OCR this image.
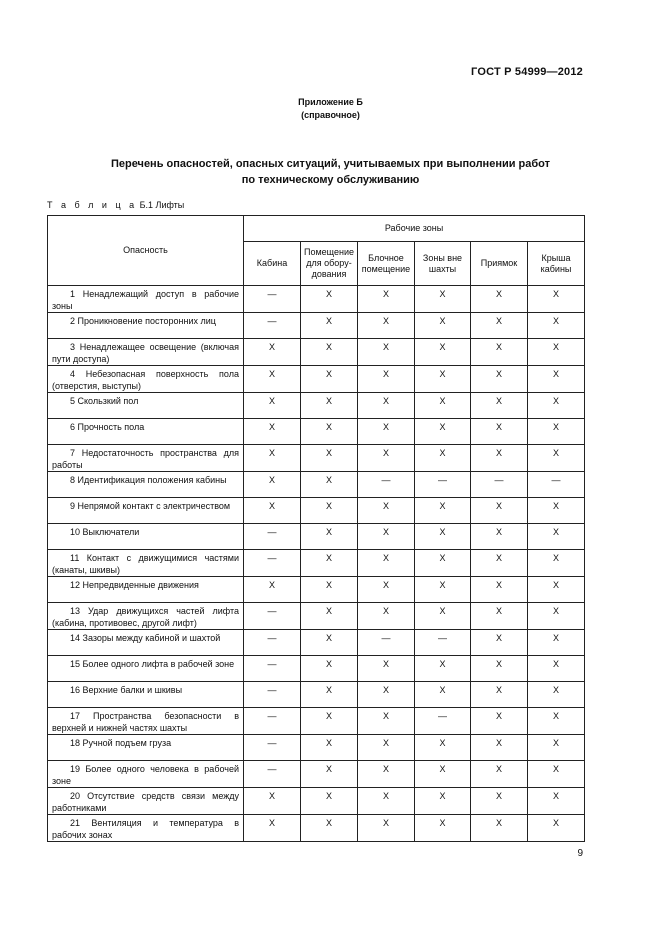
ГОСТ Р 54999—2012
Приложение Б
(справочное)
Перечень опасностей, опасных ситуаций, учитываемых при выполнении работ
по техническому обслуживанию
Т а б л и ц а Б.1 Лифты
Опасность	Рабочие зоны					
	Кабина	Помещение для обору-дования	Блочное помещение	Зоны вне шахты	Приямок	Крыша кабины
1 Ненадлежащий доступ в рабочие зоны	—	X	X	X	X	X
2 Проникновение посторонних лиц	—	X	X	X	X	X
3 Ненадлежащее освещение (включая пути доступа)	X	X	X	X	X	X
4 Небезопасная поверхность пола (отверстия, выступы)	X	X	X	X	X	X
5 Скользкий пол	X	X	X	X	X	X
6 Прочность пола	X	X	X	X	X	X
7 Недостаточность пространства для работы	X	X	X	X	X	X
8 Идентификация положения кабины	X	X	—	—	—	—
9 Непрямой контакт с электричеством	X	X	X	X	X	X
10 Выключатели	—	X	X	X	X	X
11 Контакт с движущимися частями (канаты, шкивы)	—	X	X	X	X	X
12 Непредвиденные движения	X	X	X	X	X	X
13 Удар движущихся частей лифта (кабина, противовес, другой лифт)	—	X	X	X	X	X
14 Зазоры между кабиной и шахтой	—	X	—	—	X	X
15 Более одного лифта в рабочей зоне	—	X	X	X	X	X
16 Верхние балки и шкивы	—	X	X	X	X	X
17 Пространства безопасности в верхней и нижней частях шахты	—	X	X	—	X	X
18 Ручной подъем груза	—	X	X	X	X	X
19 Более одного человека в рабочей зоне	—	X	X	X	X	X
20 Отсутствие средств связи между работниками	X	X	X	X	X	X
21 Вентиляция и температура в рабочих зонах	X	X	X	X	X	X
9
